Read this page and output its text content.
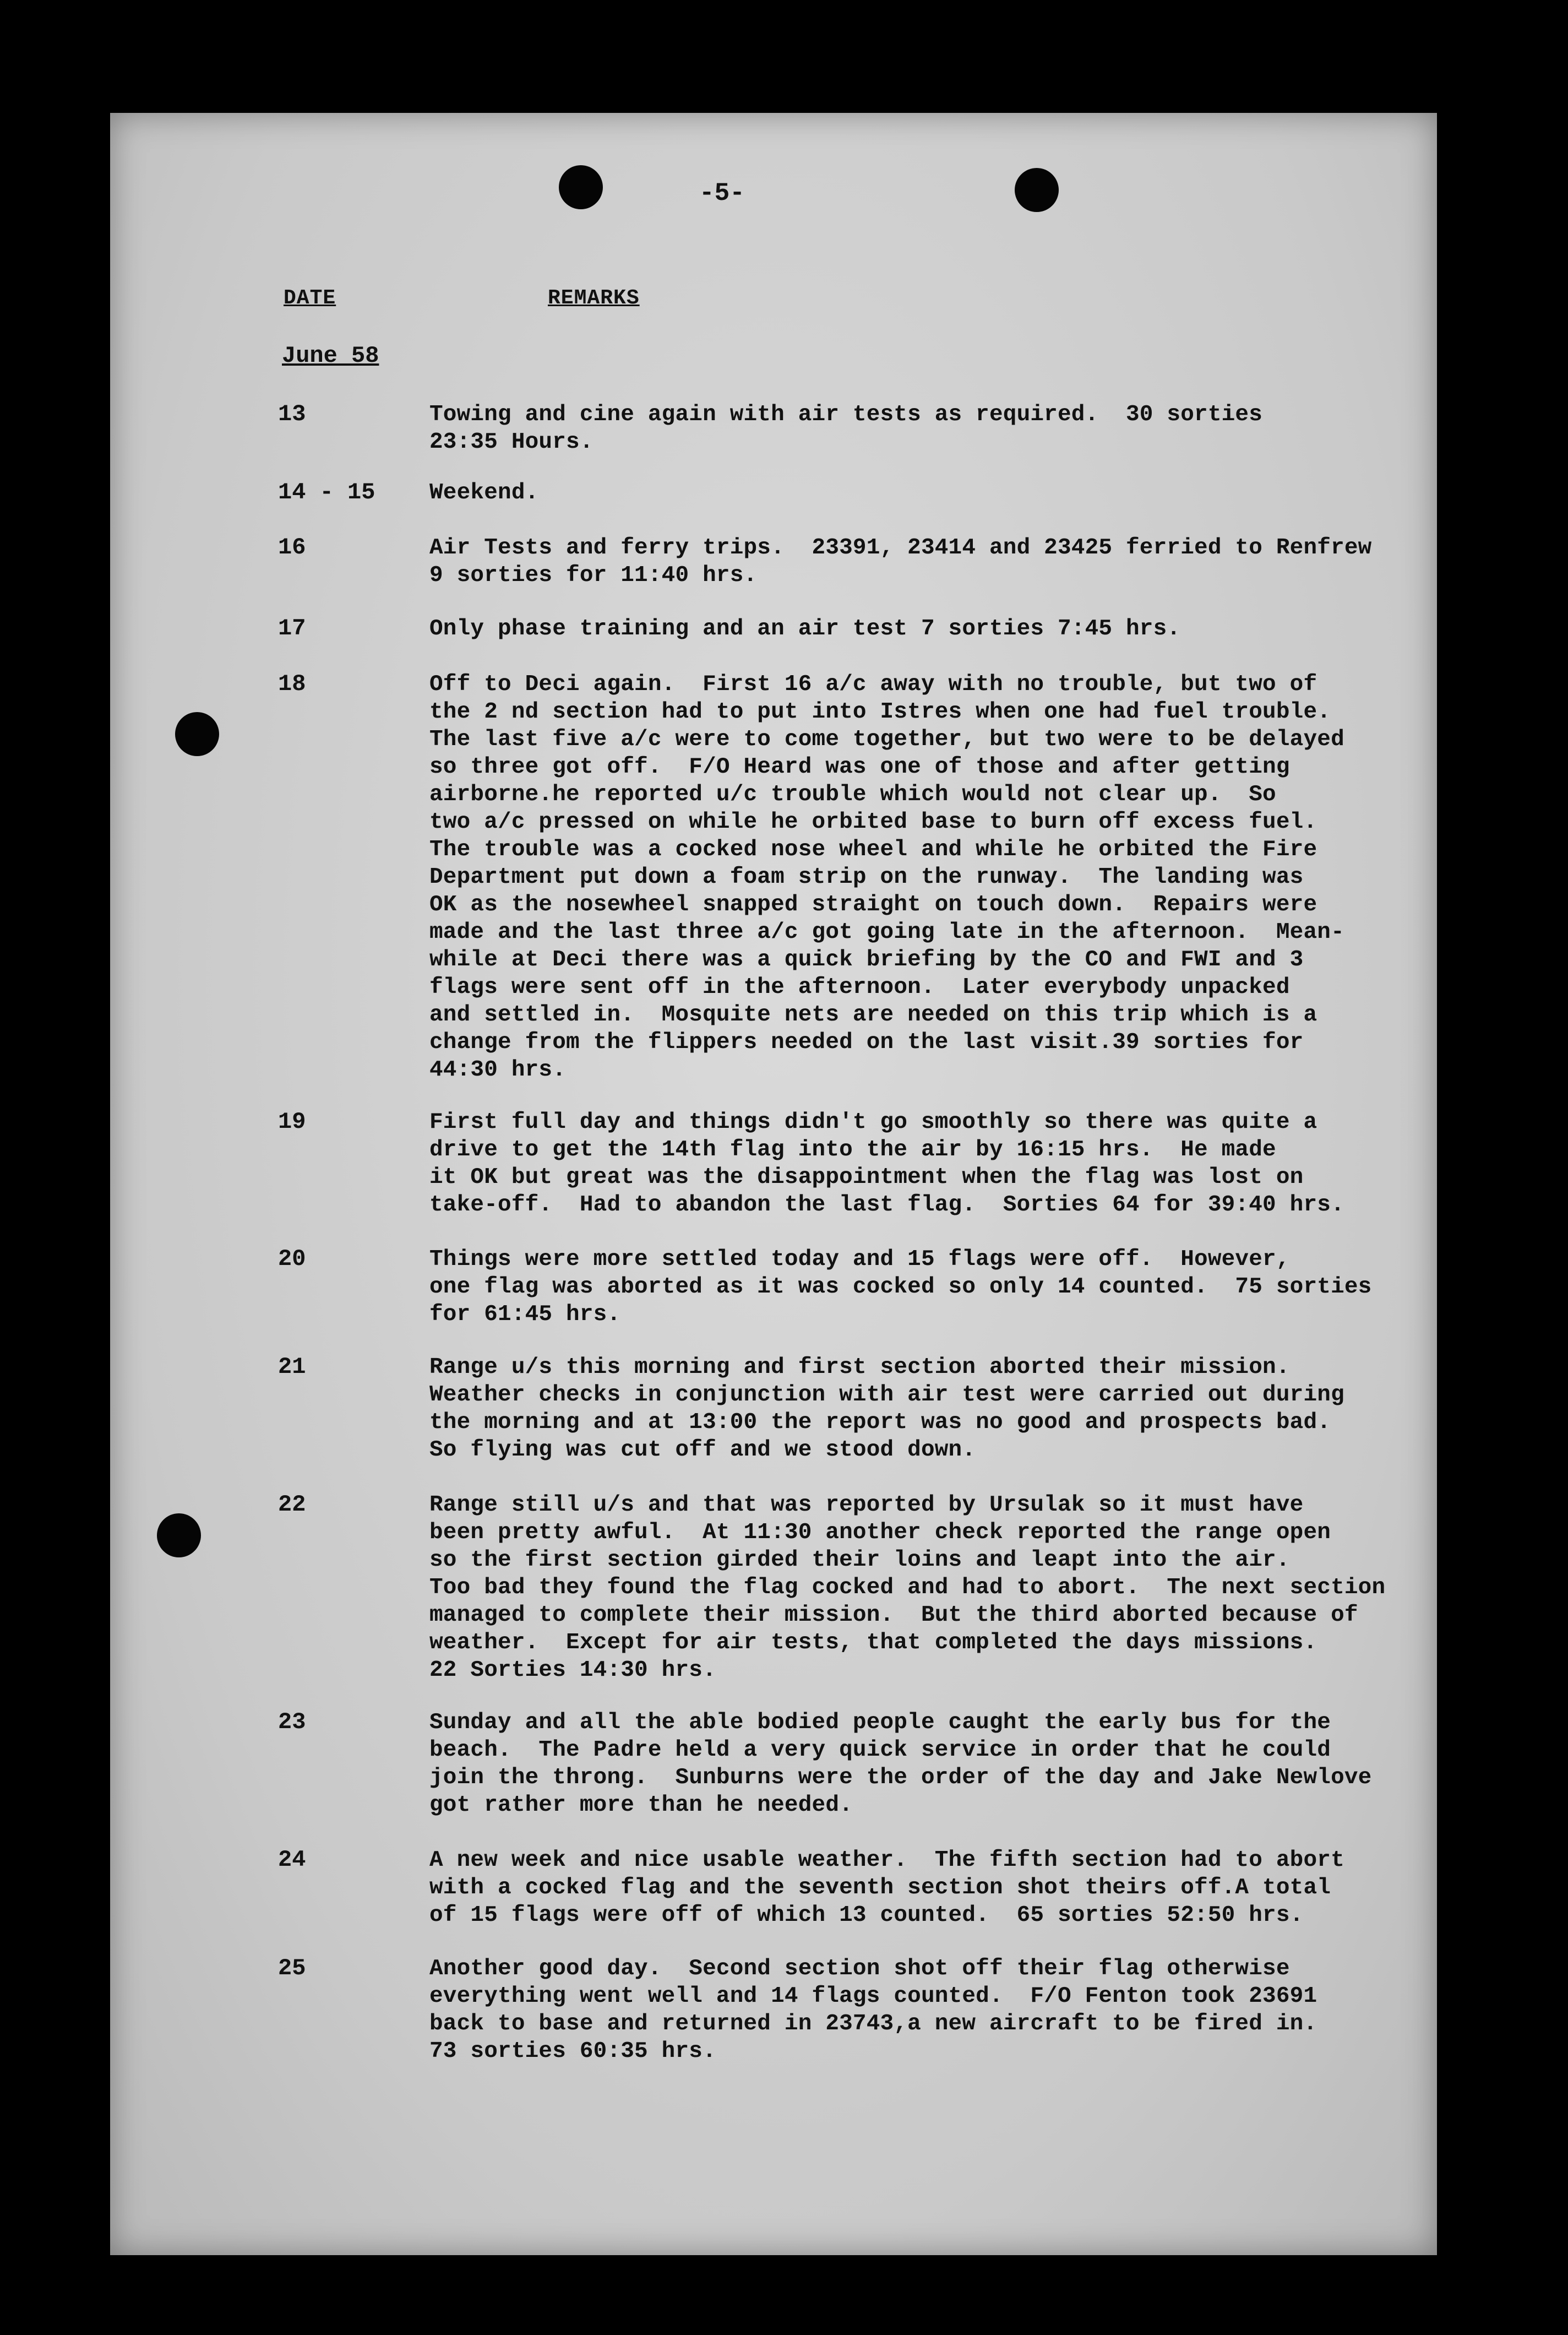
-5-
DATE	REMARKS
June 58
13	Towing and cine again with air tests as required.  30 sorties
23:35 Hours.
14 - 15 Weekend.
16	Air Tests and ferry trips.  23391, 23414 and 23425 ferried to Renfrew
9 sorties for 11:40 hrs.
17	Only phase training and an air test 7 sorties 7:45 hrs.
18	Off to Deci again.  First 16 a/c away with no trouble, but two of
the 2 nd section had to put into Istres when one had fuel trouble.
The last five a/c were to come together, but two were to be delayed
so three got off.  F/O Heard was one of those and after getting
airborne.he reported u/c trouble which would not clear up.  So
two a/c pressed on while he orbited base to burn off excess fuel.
The trouble was a cocked nose wheel and while he orbited the Fire
Department put down a foam strip on the runway.  The landing was
OK as the nosewheel snapped straight on touch down.  Repairs were
made and the last three a/c got going late in the afternoon.  Mean-
while at Deci there was a quick briefing by the CO and FWI and 3
flags were sent off in the afternoon.  Later everybody unpacked
and settled in.  Mosquite nets are needed on this trip which is a
change from the flippers needed on the last visit.39 sorties for
44:30 hrs.
19	First full day and things didn't go smoothly so there was quite a
drive to get the 14th flag into the air by 16:15 hrs.  He made
it OK but great was the disappointment when the flag was lost on
take-off.  Had to abandon the last flag.  Sorties 64 for 39:40 hrs.
20	Things were more settled today and 15 flags were off.  However,
one flag was aborted as it was cocked so only 14 counted.  75 sorties
for 61:45 hrs.
21	Range u/s this morning and first section aborted their mission.
Weather checks in conjunction with air test were carried out during
the morning and at 13:00 the report was no good and prospects bad.
So flying was cut off and we stood down.
22	Range still u/s and that was reported by Ursulak so it must have
been pretty awful.  At 11:30 another check reported the range open
so the first section girded their loins and leapt into the air.
Too bad they found the flag cocked and had to abort.  The next section
managed to complete their mission.  But the third aborted because of
weather.  Except for air tests, that completed the days missions.
22 Sorties 14:30 hrs.
23	Sunday and all the able bodied people caught the early bus for the
beach.  The Padre held a very quick service in order that he could
join the throng.  Sunburns were the order of the day and Jake Newlove
got rather more than he needed.
24	A new week and nice usable weather.  The fifth section had to abort
with a cocked flag and the seventh section shot theirs off.A total
of 15 flags were off of which 13 counted.  65 sorties 52:50 hrs.
25	Another good day.  Second section shot off their flag otherwise
everything went well and 14 flags counted.  F/O Fenton took 23691
back to base and returned in 23743,a new aircraft to be fired in.
73 sorties 60:35 hrs.
